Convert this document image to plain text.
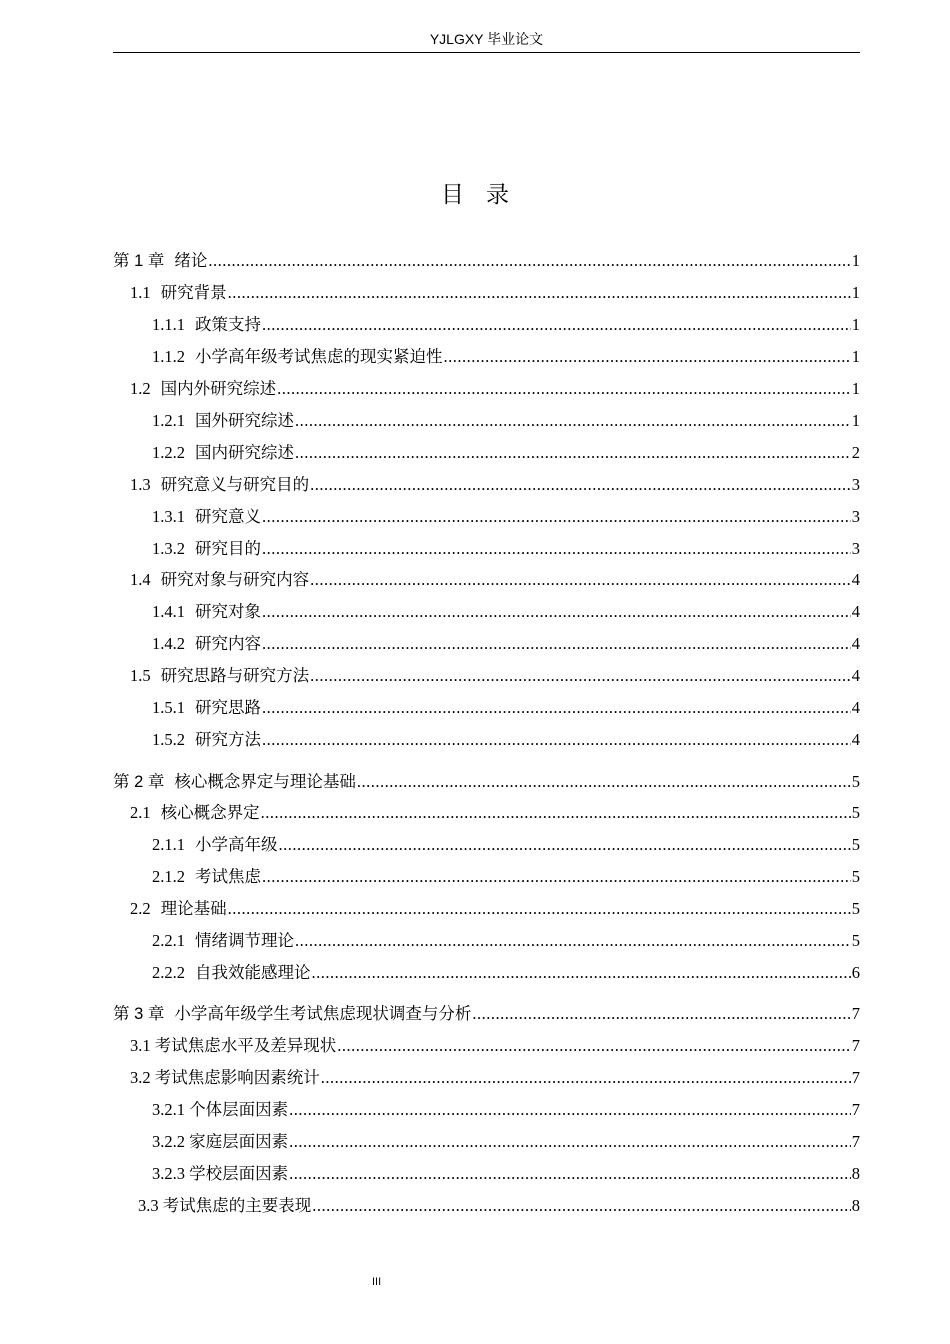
YJLGXY 毕业论文
目录
第 1 章 绪论 .....	1
1.1 研究背景 .....	1
1.1.1 政策支持 .....	1
1.1.2 小学高年级考试焦虑的现实紧迫性 .....	1
1.2 国内外研究综述 .....	1
1.2.1 国外研究综述 .....	1
1.2.2 国内研究综述 .....	2
1.3 研究意义与研究目的 .....	3
1.3.1 研究意义 .....	3
1.3.2 研究目的 .....	3
1.4 研究对象与研究内容 .....	4
1.4.1 研究对象 .....	4
1.4.2 研究内容 .....	4
1.5 研究思路与研究方法 .....	4
1.5.1 研究思路 .....	4
1.5.2 研究方法 .....	4
第 2 章 核心概念界定与理论基础 .....	5
2.1 核心概念界定 .....	5
2.1.1 小学高年级 .....	5
2.1.2 考试焦虑 .....	5
2.2 理论基础 .....	5
2.2.1 情绪调节理论 .....	5
2.2.2 自我效能感理论 .....	6
第 3 章 小学高年级学生考试焦虑现状调查与分析 .....	7
3.1 考试焦虑水平及差异现状 .....	7
3.2 考试焦虑影响因素统计 .....	7
3.2.1 个体层面因素 .....	7
3.2.2 家庭层面因素 .....	7
3.2.3 学校层面因素 .....	8
3.3 考试焦虑的主要表现 .....	8
III
